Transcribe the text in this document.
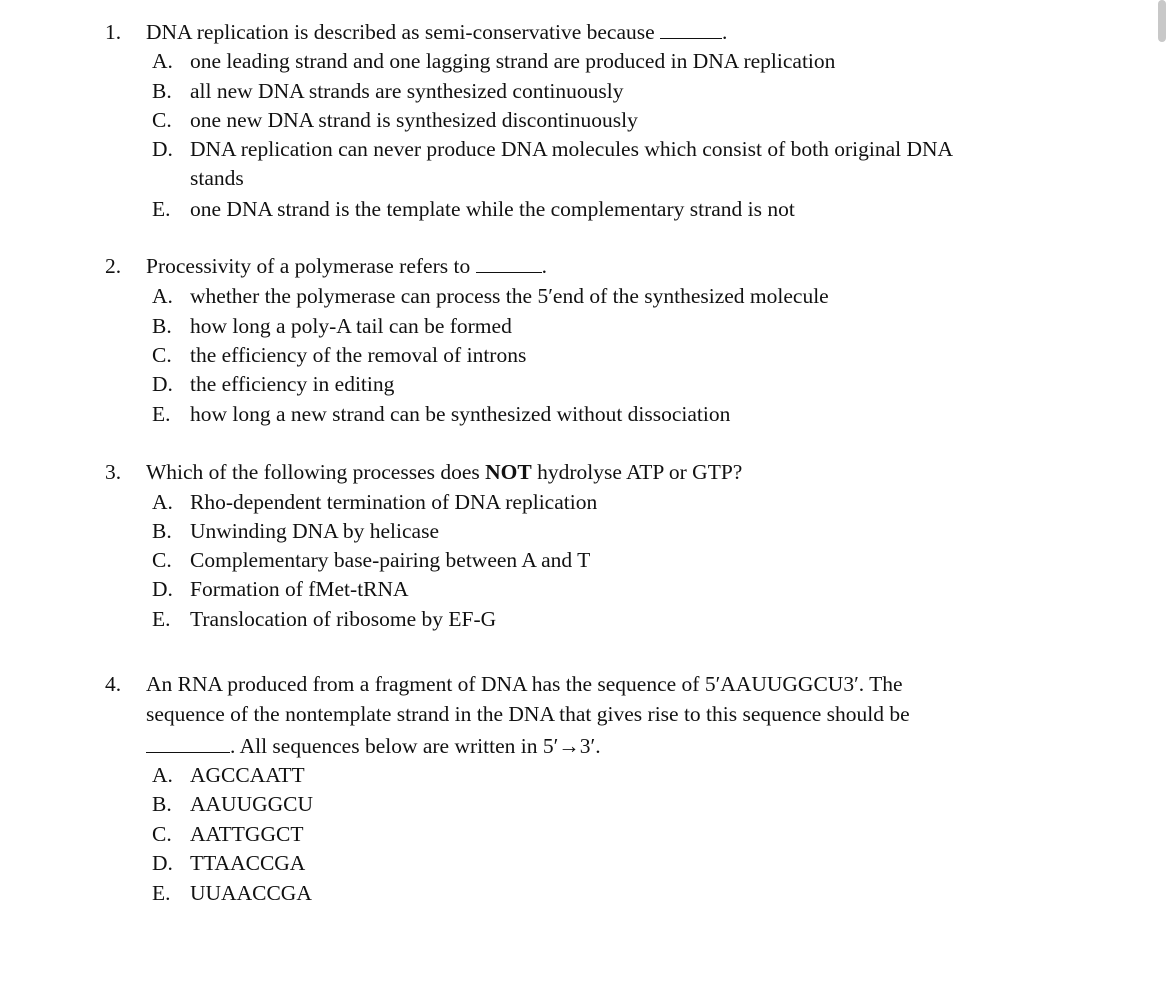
1. DNA replication is described as semi-conservative because	.
A. one leading strand and one lagging strand are produced in DNA replication
B. all new DNA strands are synthesized continuously
C. one new DNA strand is synthesized discontinuously
D. DNA replication can never produce DNA molecules which consist of both original DNA
stands
E. one DNA strand is the template while the complementary strand is not
2. Processivity of a polymerase refers to	.
A. whether the polymerase can process the 5′end of the synthesized molecule
B. how long a poly-A tail can be formed
C. the efficiency of the removal of introns
D. the efficiency in editing
E. how long a new strand can be synthesized without dissociation
3. Which of the following processes does NOT hydrolyse ATP or GTP?
A. Rho-dependent termination of DNA replication
B. Unwinding DNA by helicase
C. Complementary base-pairing between A and T
D. Formation of fMet-tRNA
E. Translocation of ribosome by EF-G
4. An RNA produced from a fragment of DNA has the sequence of 5′AAUUGGCU3′. The
sequence of the nontemplate strand in the DNA that gives rise to this sequence should be
. All sequences below are written in 5′→3′.
A. AGCCAATT
B. AAUUGGCU
C. AATTGGCT
D. TTAACCGA
E. UUAACCGA
